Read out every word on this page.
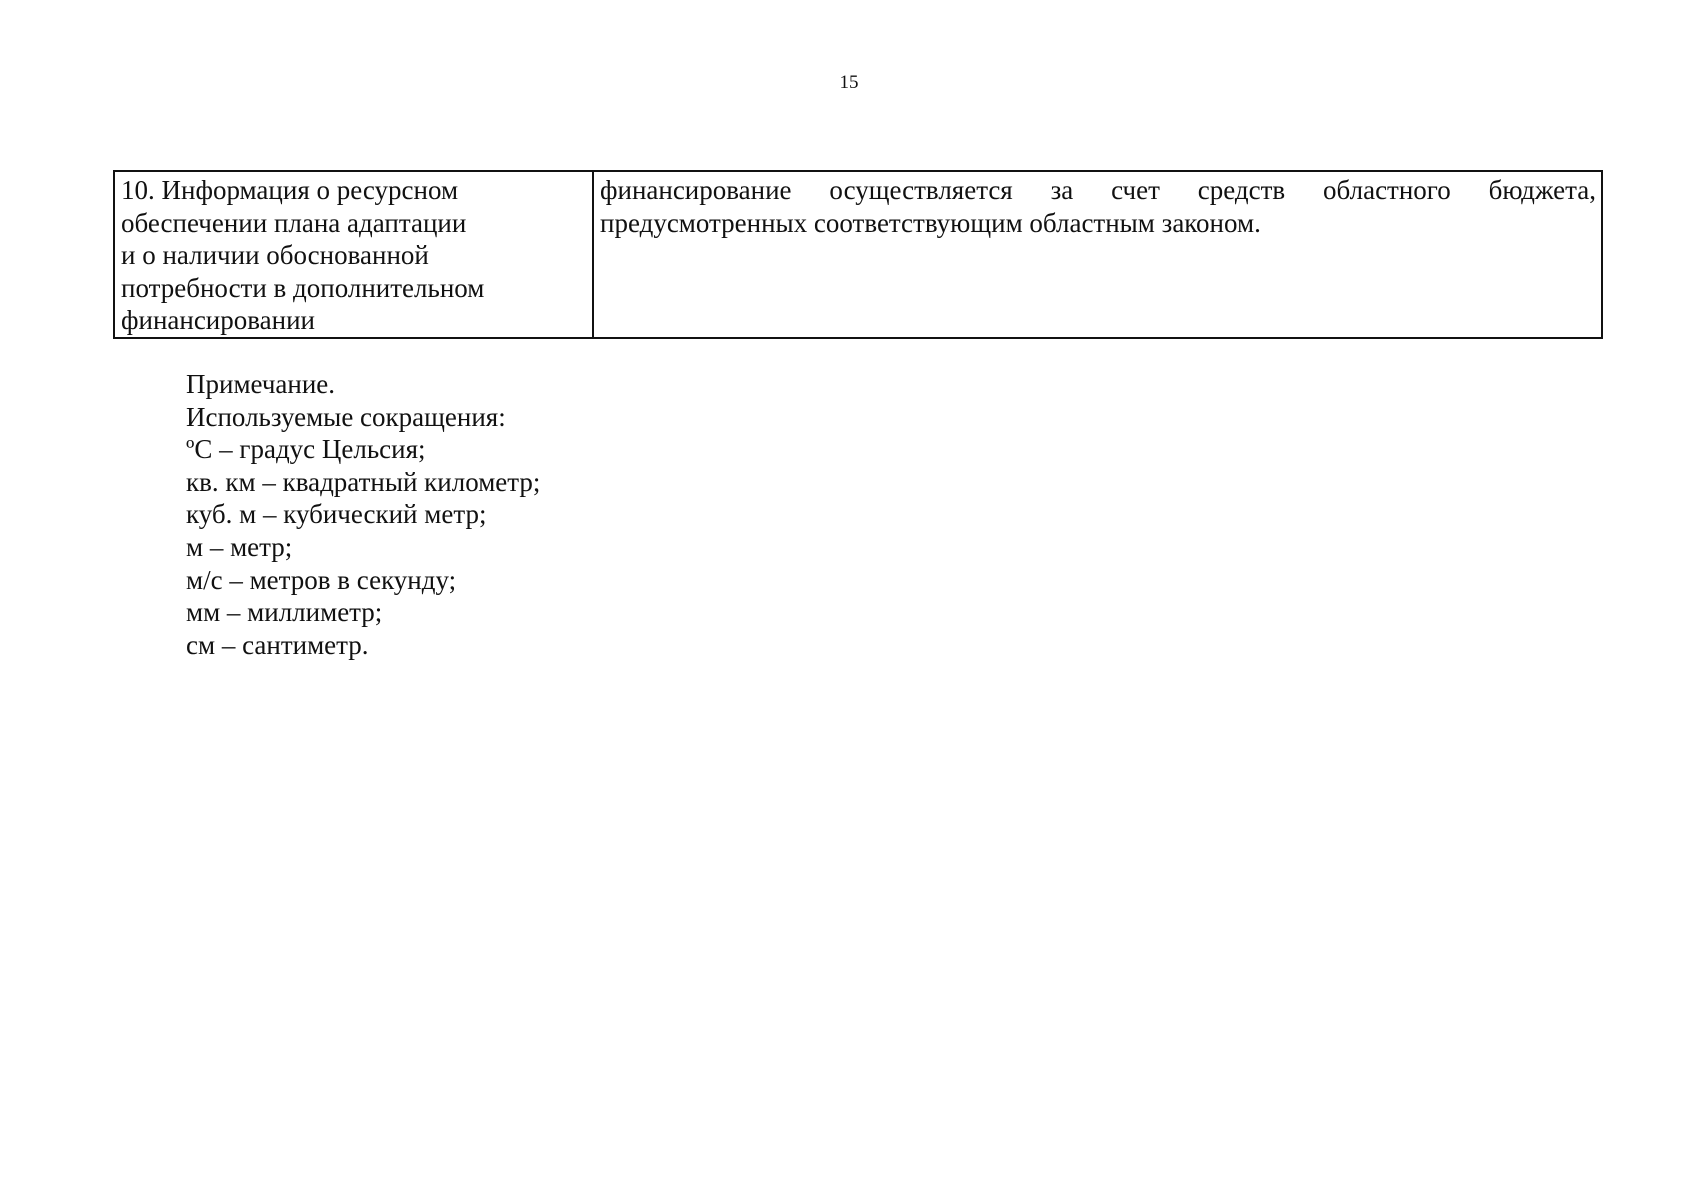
15
10. Информация о ресурсном
обеспечении плана адаптации
и о наличии обоснованной
потребности в дополнительном
финансировании
	финансирование осуществляется за счет средств областного бюджета, предусмотренных соответствующим областным законом.
Примечание.
Используемые сокращения:
ºС – градус Цельсия;
кв. км – квадратный километр;
куб. м – кубический метр;
м – метр;
м/с – метров в секунду;
мм – миллиметр;
см – сантиметр.
